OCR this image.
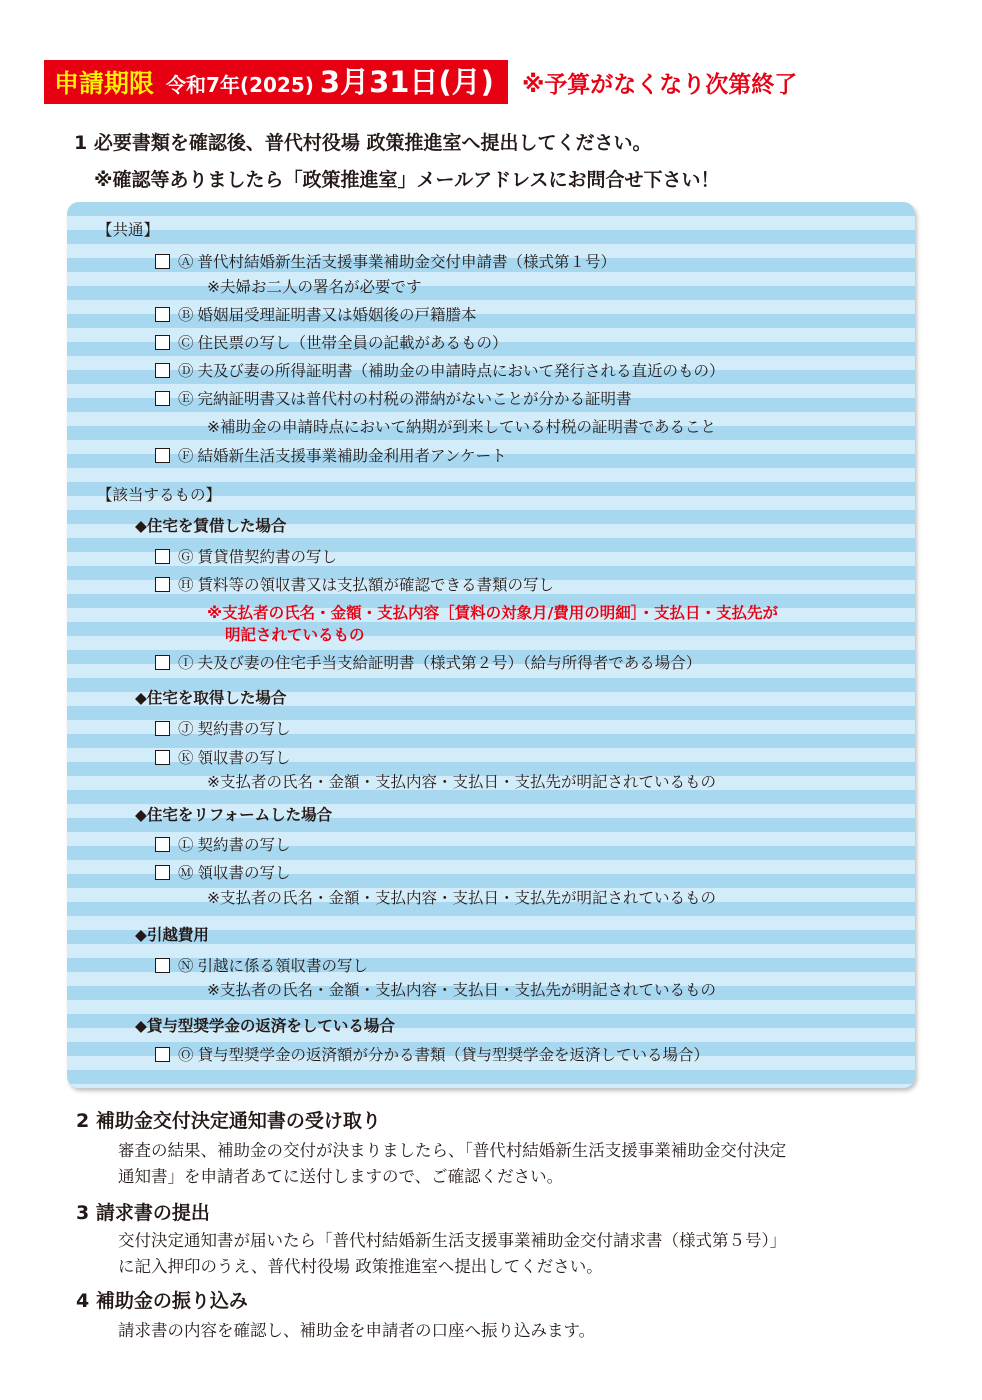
申請期限 令和7年(2025) 3月31日(月) ※予算がなくなり次第終了
1 必要書類を確認後、普代村役場 政策推進室へ提出してください。
※確認等ありましたら「政策推進室」メールアドレスにお問合せ下さい！
【共通】
Ⓐ 普代村結婚新生活支援事業補助金交付申請書（様式第１号）
※夫婦お二人の署名が必要です
Ⓑ 婚姻届受理証明書又は婚姻後の戸籍謄本
Ⓒ 住民票の写し（世帯全員の記載があるもの）
Ⓓ 夫及び妻の所得証明書（補助金の申請時点において発行される直近のもの）
Ⓔ 完納証明書又は普代村の村税の滞納がないことが分かる証明書
※補助金の申請時点において納期が到来している村税の証明書であること
Ⓕ 結婚新生活支援事業補助金利用者アンケート
【該当するもの】
◆住宅を賃借した場合
Ⓖ 賃貸借契約書の写し
Ⓗ 賃料等の領収書又は支払額が確認できる書類の写し
※支払者の氏名・金額・支払内容［賃料の対象月/費用の明細］・支払日・支払先が
明記されているもの
Ⓘ 夫及び妻の住宅手当支給証明書（様式第２号）（給与所得者である場合）
◆住宅を取得した場合
Ⓙ 契約書の写し
Ⓚ 領収書の写し
※支払者の氏名・金額・支払内容・支払日・支払先が明記されているもの
◆住宅をリフォームした場合
Ⓛ 契約書の写し
Ⓜ 領収書の写し
※支払者の氏名・金額・支払内容・支払日・支払先が明記されているもの
◆引越費用
Ⓝ 引越に係る領収書の写し
※支払者の氏名・金額・支払内容・支払日・支払先が明記されているもの
◆貸与型奨学金の返済をしている場合
Ⓞ 貸与型奨学金の返済額が分かる書類（貸与型奨学金を返済している場合）
2 補助金交付決定通知書の受け取り
審査の結果、補助金の交付が決まりましたら、「普代村結婚新生活支援事業補助金交付決定
通知書」を申請者あてに送付しますので、ご確認ください。
3 請求書の提出
交付決定通知書が届いたら「普代村結婚新生活支援事業補助金交付請求書（様式第５号）」
に記入押印のうえ、普代村役場 政策推進室へ提出してください。
4 補助金の振り込み
請求書の内容を確認し、補助金を申請者の口座へ振り込みます。
